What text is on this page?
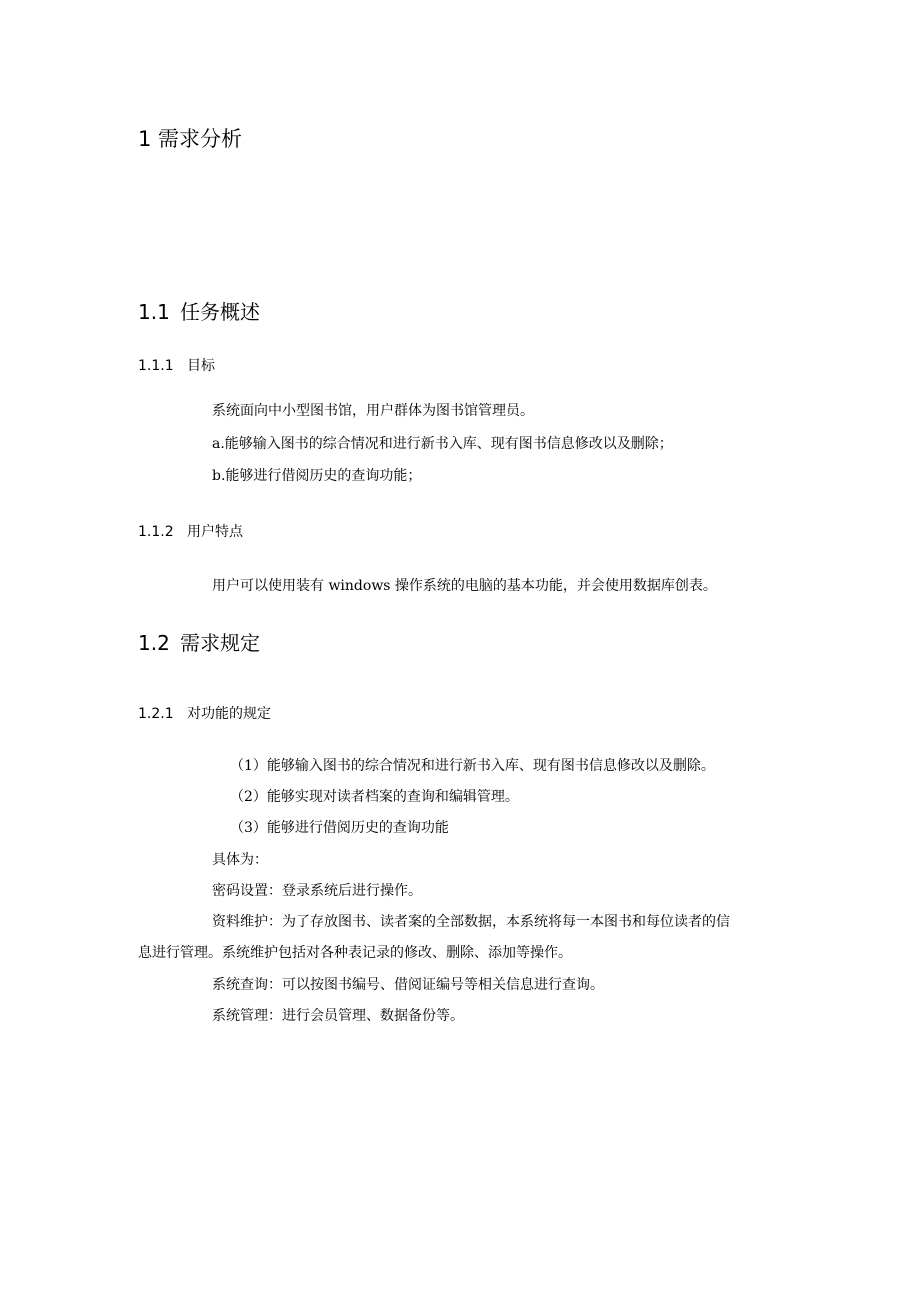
1 需求分析
1.1 任务概述
1.1.1 目标
系统面向中小型图书馆，用户群体为图书馆管理员。
a.能够输入图书的综合情况和进行新书入库、现有图书信息修改以及删除；
b.能够进行借阅历史的查询功能；
1.1.2 用户特点
用户可以使用装有 windows 操作系统的电脑的基本功能，并会使用数据库创表。
1.2 需求规定
1.2.1 对功能的规定
（1）能够输入图书的综合情况和进行新书入库、现有图书信息修改以及删除。
（2）能够实现对读者档案的查询和编辑管理。
（3）能够进行借阅历史的查询功能
具体为：
密码设置：登录系统后进行操作。
资料维护：为了存放图书、读者案的全部数据，本系统将每一本图书和每位读者的信
息进行管理。系统维护包括对各种表记录的修改、删除、添加等操作。
系统查询：可以按图书编号、借阅证编号等相关信息进行查询。
系统管理：进行会员管理、数据备份等。
